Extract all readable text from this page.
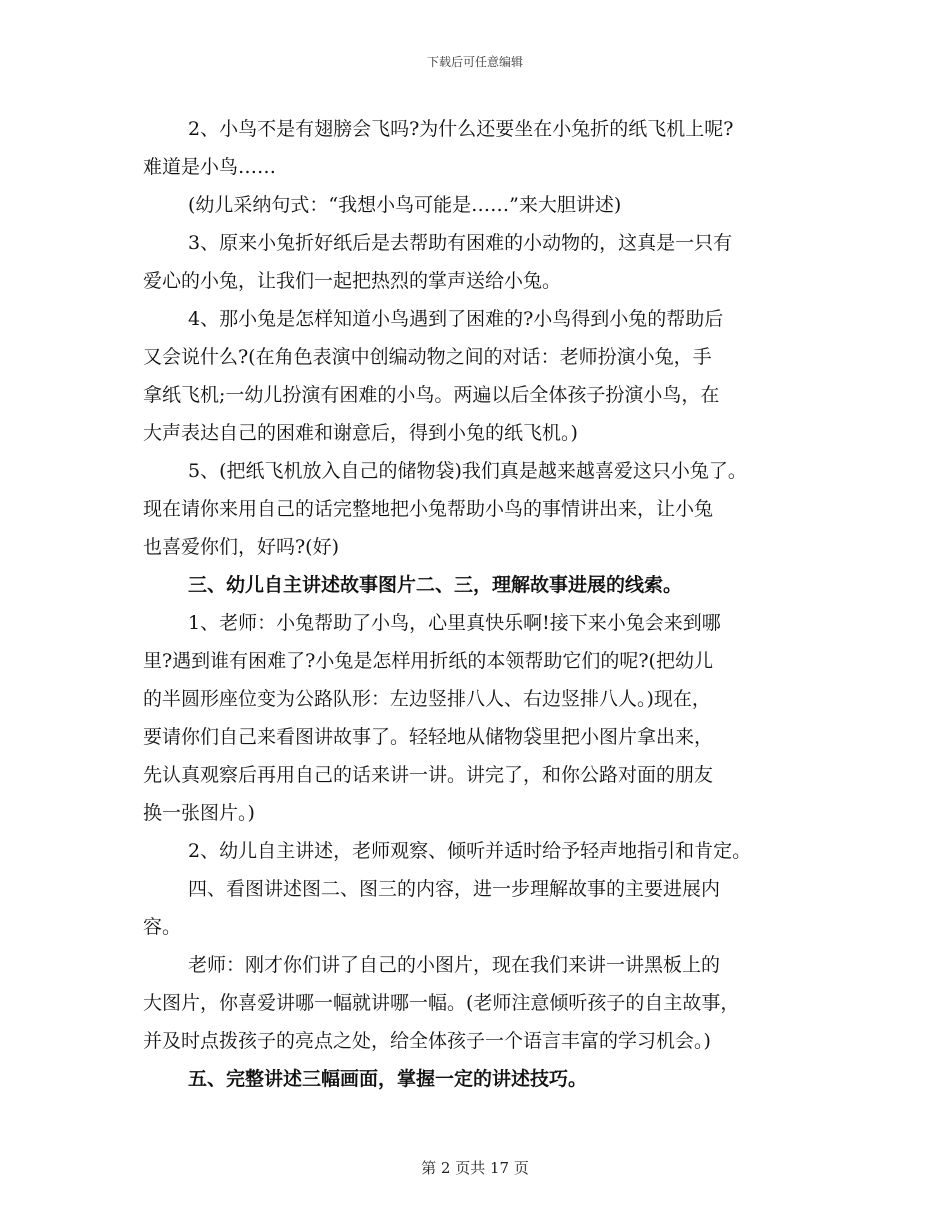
下载后可任意编辑

2、小鸟不是有翅膀会飞吗?为什么还要坐在小兔折的纸飞机上呢?
难道是小鸟……

(幼儿采纳句式：“我想小鸟可能是……”来大胆讲述)

3、原来小兔折好纸后是去帮助有困难的小动物的，这真是一只有
爱心的小兔，让我们一起把热烈的掌声送给小兔。

4、那小兔是怎样知道小鸟遇到了困难的?小鸟得到小兔的帮助后
又会说什么?(在角色表演中创编动物之间的对话：老师扮演小兔，手
拿纸飞机;一幼儿扮演有困难的小鸟。两遍以后全体孩子扮演小鸟，在
大声表达自己的困难和谢意后，得到小兔的纸飞机。)

5、(把纸飞机放入自己的储物袋)我们真是越来越喜爱这只小兔了。
现在请你来用自己的话完整地把小兔帮助小鸟的事情讲出来，让小兔
也喜爱你们，好吗?(好)

三、幼儿自主讲述故事图片二、三，理解故事进展的线索。

1、老师：小兔帮助了小鸟，心里真快乐啊!接下来小兔会来到哪
里?遇到谁有困难了?小兔是怎样用折纸的本领帮助它们的呢?(把幼儿
的半圆形座位变为公路队形：左边竖排八人、右边竖排八人。)现在，
要请你们自己来看图讲故事了。轻轻地从储物袋里把小图片拿出来，
先认真观察后再用自己的话来讲一讲。讲完了，和你公路对面的朋友
换一张图片。)

2、幼儿自主讲述，老师观察、倾听并适时给予轻声地指引和肯定。

四、看图讲述图二、图三的内容，进一步理解故事的主要进展内
容。

老师：刚才你们讲了自己的小图片，现在我们来讲一讲黑板上的
大图片，你喜爱讲哪一幅就讲哪一幅。(老师注意倾听孩子的自主故事，
并及时点拨孩子的亮点之处，给全体孩子一个语言丰富的学习机会。)

五、完整讲述三幅画面，掌握一定的讲述技巧。

第 2 页共 17 页
